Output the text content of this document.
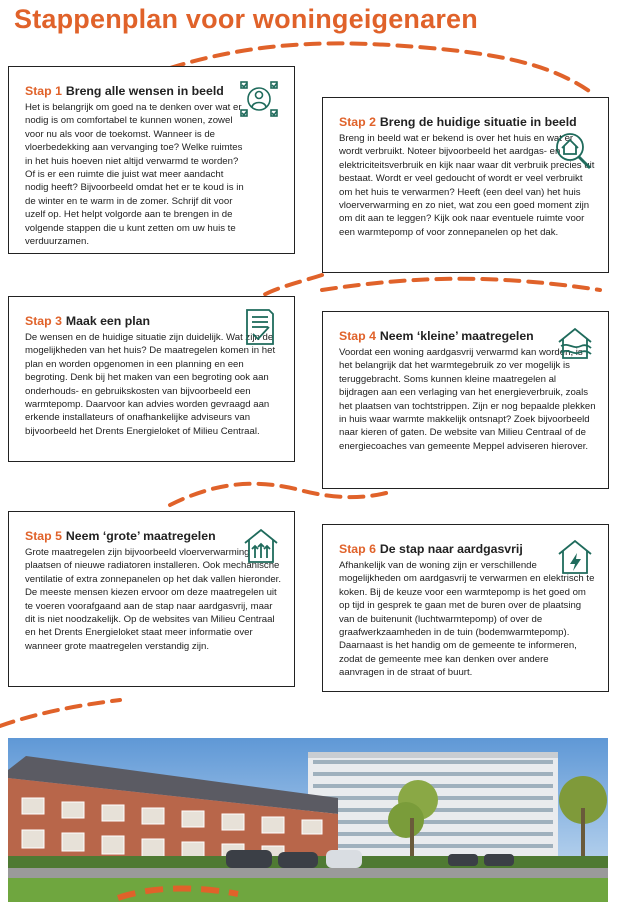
Stappenplan voor woningeigenaren
Stap 1 Breng alle wensen in beeld

Het is belangrijk om goed na te denken over wat er nodig is om comfortabel te kunnen wonen, zowel voor nu als voor de toekomst. Wanneer is de vloerbedekking aan vervanging toe? Welke ruimtes in het huis hoeven niet altijd verwarmd te worden? Of is er een ruimte die juist wat meer aandacht nodig heeft? Bijvoorbeeld omdat het er te koud is in de winter en te warm in de zomer. Schrijf dit voor uzelf op. Het helpt volgorde aan te brengen in de volgende stappen die u kunt zetten om uw huis te verduurzamen.

Stap 2 Breng de huidige situatie in beeld

Breng in beeld wat er bekend is over het huis en wat er wordt verbruikt. Noteer bijvoorbeeld het aardgas- en elektriciteitsverbruik en kijk naar waar dit verbruik precies uit bestaat. Wordt er veel gedoucht of wordt er veel verbruikt om het huis te verwarmen? Heeft (een deel van) het huis vloerverwarming en zo niet, wat zou een goed moment zijn om dit aan te leggen? Kijk ook naar eventuele ruimte voor een warmtepomp of voor zonnepanelen op het dak.

Stap 3 Maak een plan

De wensen en de huidige situatie zijn duidelijk. Wat zijn de mogelijkheden van het huis? De maatregelen komen in het plan en worden opgenomen in een planning en een begroting. Denk bij het maken van een begroting ook aan onderhouds- en gebruikskosten van bijvoorbeeld een warmtepomp. Daarvoor kan advies worden gevraagd aan erkende installateurs of onafhankelijke adviseurs van bijvoorbeeld het Drents Energieloket of Milieu Centraal.

Stap 4 Neem ‘kleine’ maatregelen

Voordat een woning aardgasvrij verwarmd kan worden, is het belangrijk dat het warmtegebruik zo ver mogelijk is teruggebracht. Soms kunnen kleine maatregelen al bijdragen aan een verlaging van het energieverbruik, zoals het plaatsen van tochtstrippen. Zijn er nog bepaalde plekken in huis waar warmte makkelijk ontsnapt? Zoek bijvoorbeeld naar kieren of gaten. De website van Milieu Centraal of de energiecoaches van gemeente Meppel adviseren hierover.

Stap 5 Neem ‘grote’ maatregelen

Grote maatregelen zijn bijvoorbeeld vloerverwarming plaatsen of nieuwe radiatoren installeren. Ook mechanische ventilatie of extra zonnepanelen op het dak vallen hieronder. De meeste mensen kiezen ervoor om deze maatregelen uit te voeren voorafgaand aan de stap naar aardgasvrij, maar dit is niet noodzakelijk. Op de websites van Milieu Centraal en het Drents Energieloket staat meer informatie over wanneer grote maatregelen verstandig zijn.

Stap 6 De stap naar aardgasvrij

Afhankelijk van de woning zijn er verschillende mogelijkheden om aardgasvrij te verwarmen en elektrisch te koken. Bij de keuze voor een warmtepomp is het goed om op tijd in gesprek te gaan met de buren over de plaatsing van de buitenunit (luchtwarmtepomp) of over de graafwerkzaamheden in de tuin (bodemwarmtepomp). Daarnaast is het handig om de gemeente te informeren, zodat de gemeente mee kan denken over andere aanvragen in de straat of buurt.
